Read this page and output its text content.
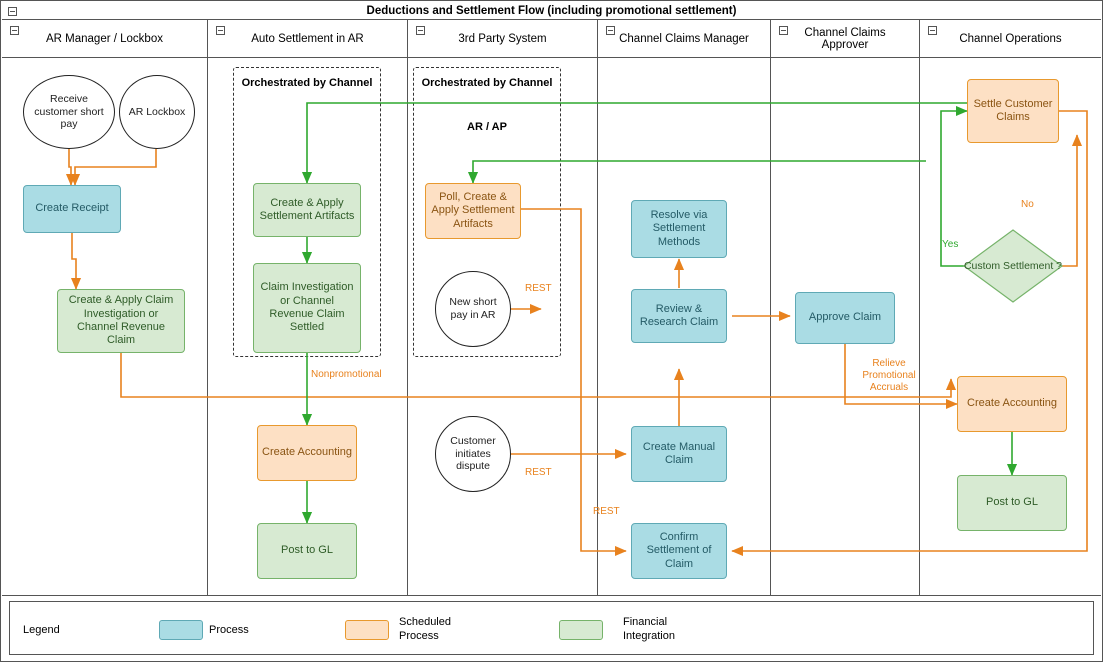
Deductions and Settlement Flow (including promotional settlement)
AR Manager / Lockbox	Auto Settlement in AR	3rd Party System	Channel Claims Manager	Channel Claims Approver	Channel Operations
Orchestrated by Channel	Orchestrated by Channel
AR / AP
Receive customer short pay
AR Lockbox
Create Receipt
Create & Apply Claim Investigation or Channel Revenue Claim
Create & Apply Settlement Artifacts
Claim Investigation or Channel Revenue Claim Settled
Create Accounting
Post to GL
Poll, Create & Apply Settlement Artifacts
New short pay in AR
Customer initiates dispute
Resolve via Settlement Methods
Review & Research Claim
Create Manual Claim
Confirm Settlement of Claim
Approve Claim
Settle Customer Claims
Custom Settlement ?
Create Accounting
Post to GL
Nonpromotional
REST
REST
REST
Relieve Promotional Accruals
Yes
No
Legend	Process
Scheduled Process
Financial Integration
